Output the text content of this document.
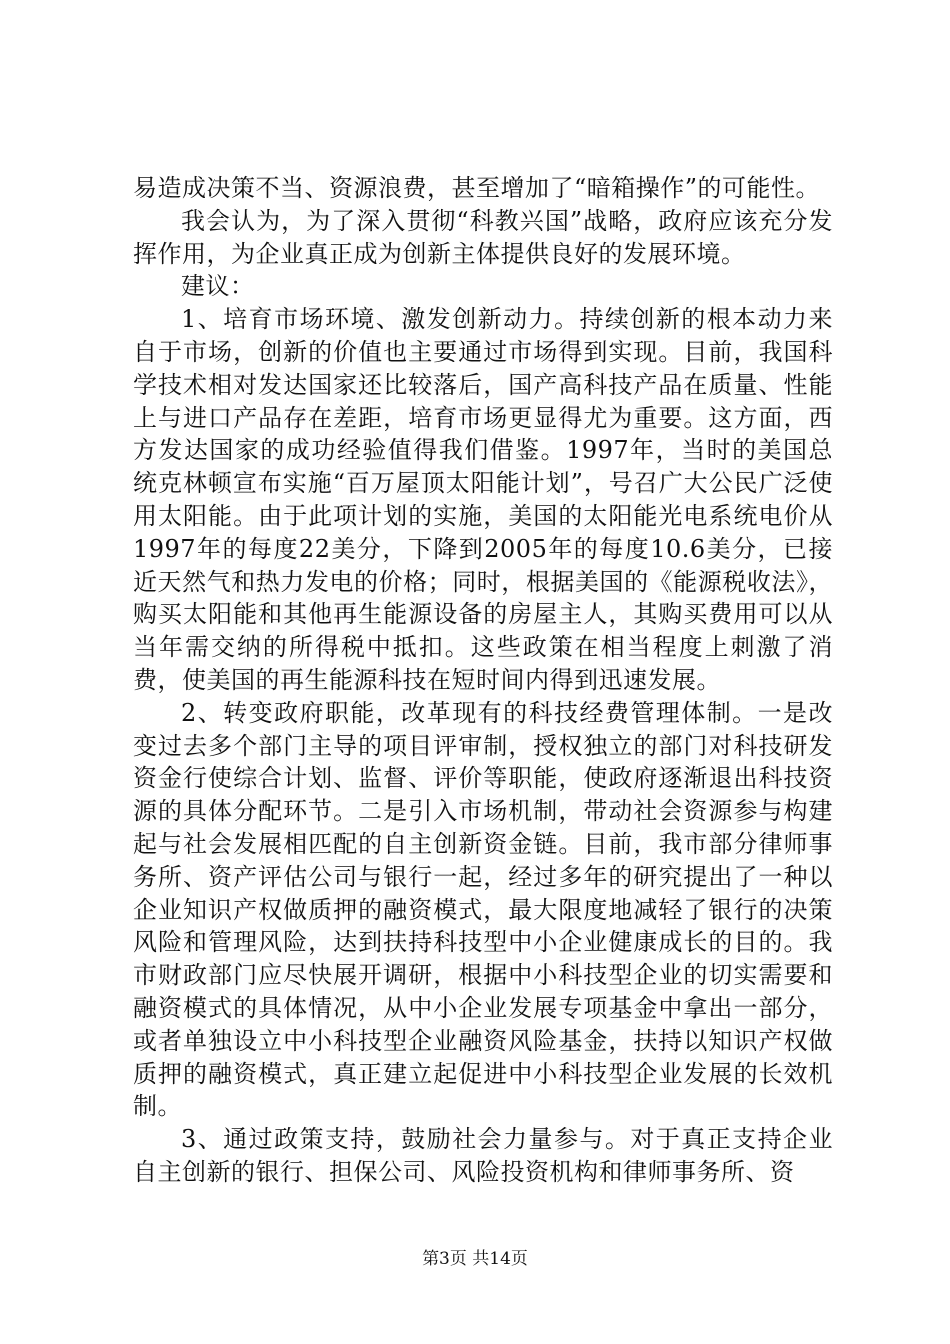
易造成决策不当、资源浪费，甚至增加了“暗箱操作”的可能性。

我会认为，为了深入贯彻“科教兴国”战略，政府应该充分发挥作用，为企业真正成为创新主体提供良好的发展环境。

建议：

1、培育市场环境、激发创新动力。持续创新的根本动力来自于市场，创新的价值也主要通过市场得到实现。目前，我国科学技术相对发达国家还比较落后，国产高科技产品在质量、性能上与进口产品存在差距，培育市场更显得尤为重要。这方面，西方发达国家的成功经验值得我们借鉴。1997年，当时的美国总统克林顿宣布实施“百万屋顶太阳能计划”，号召广大公民广泛使用太阳能。由于此项计划的实施，美国的太阳能光电系统电价从1997年的每度22美分，下降到2005年的每度10.6美分，已接近天然气和热力发电的价格；同时，根据美国的《能源税收法》，购买太阳能和其他再生能源设备的房屋主人，其购买费用可以从当年需交纳的所得税中抵扣。这些政策在相当程度上刺激了消费，使美国的再生能源科技在短时间内得到迅速发展。

2、转变政府职能，改革现有的科技经费管理体制。一是改变过去多个部门主导的项目评审制，授权独立的部门对科技研发资金行使综合计划、监督、评价等职能，使政府逐渐退出科技资源的具体分配环节。二是引入市场机制，带动社会资源参与构建起与社会发展相匹配的自主创新资金链。目前，我市部分律师事务所、资产评估公司与银行一起，经过多年的研究提出了一种以企业知识产权做质押的融资模式，最大限度地减轻了银行的决策风险和管理风险，达到扶持科技型中小企业健康成长的目的。我市财政部门应尽快展开调研，根据中小科技型企业的切实需要和融资模式的具体情况，从中小企业发展专项基金中拿出一部分，或者单独设立中小科技型企业融资风险基金，扶持以知识产权做质押的融资模式，真正建立起促进中小科技型企业发展的长效机制。

3、通过政策支持，鼓励社会力量参与。对于真正支持企业自主创新的银行、担保公司、风险投资机构和律师事务所、资

第3页 共14页
